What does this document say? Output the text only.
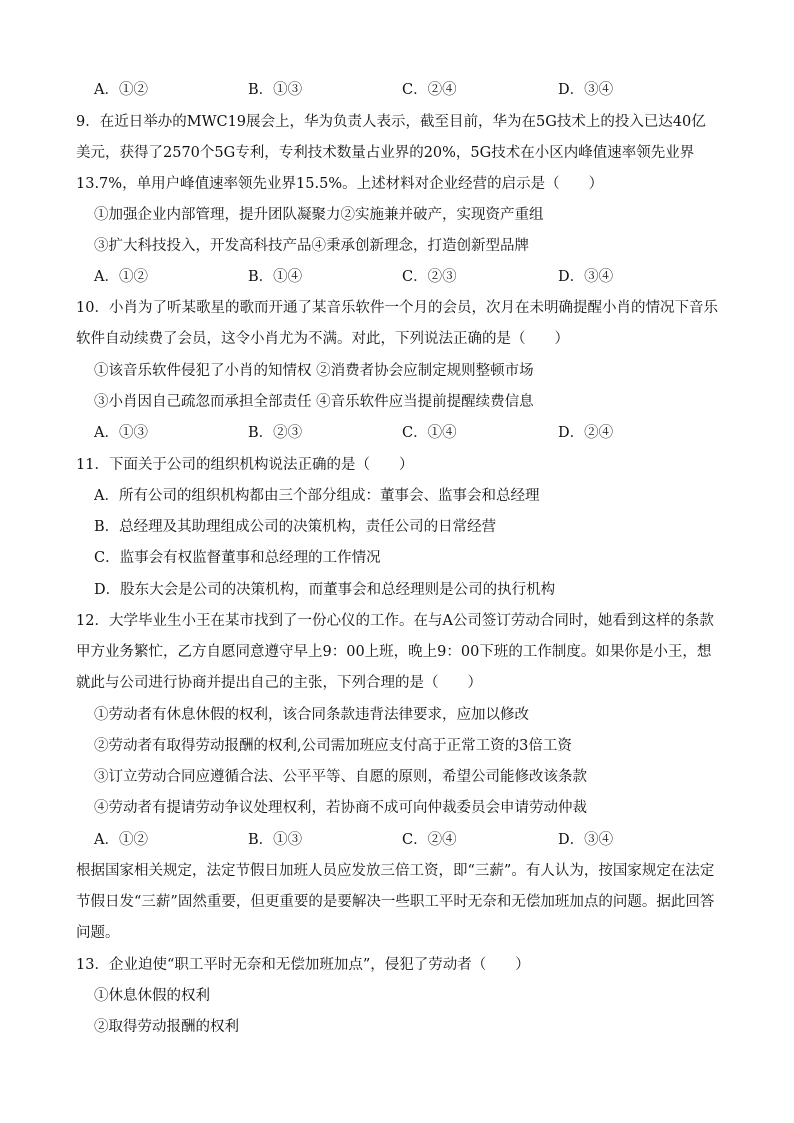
A．①②	B．①③	C．②④	D．③④
9．在近日举办的MWC19展会上，华为负责人表示，截至目前，华为在5G技术上的投入已达40亿
美元，获得了2570个5G专利，专利技术数量占业界的20%，5G技术在小区内峰值速率领先业界
13.7%，单用户峰值速率领先业界15.5%。上述材料对企业经营的启示是（　　）
①加强企业内部管理，提升团队凝聚力②实施兼并破产，实现资产重组
③扩大科技投入，开发高科技产品④秉承创新理念，打造创新型品牌
A．①②	B．①④	C．②③	D．③④
10．小肖为了听某歌星的歌而开通了某音乐软件一个月的会员，次月在未明确提醒小肖的情况下音乐
软件自动续费了会员，这令小肖尤为不满。对此，下列说法正确的是（　　）
①该音乐软件侵犯了小肖的知情权 ②消费者协会应制定规则整顿市场
③小肖因自己疏忽而承担全部责任 ④音乐软件应当提前提醒续费信息
A．①③	B．②③	C．①④	D．②④
11．下面关于公司的组织机构说法正确的是（　　）
A．所有公司的组织机构都由三个部分组成：董事会、监事会和总经理
B．总经理及其助理组成公司的决策机构，责任公司的日常经营
C．监事会有权监督董事和总经理的工作情况
D．股东大会是公司的决策机构，而董事会和总经理则是公司的执行机构
12．大学毕业生小王在某市找到了一份心仪的工作。在与A公司签订劳动合同时，她看到这样的条款
甲方业务繁忙，乙方自愿同意遵守早上9：00上班，晚上9：00下班的工作制度。如果你是小王，想
就此与公司进行协商并提出自己的主张，下列合理的是（　　）
①劳动者有休息休假的权利，该合同条款违背法律要求，应加以修改
②劳动者有取得劳动报酬的权利,公司需加班应支付高于正常工资的3倍工资
③订立劳动合同应遵循合法、公平平等、自愿的原则，希望公司能修改该条款
④劳动者有提请劳动争议处理权利，若协商不成可向仲裁委员会申请劳动仲裁
A．①②	B．①③	C．②④	D．③④
根据国家相关规定，法定节假日加班人员应发放三倍工资，即“三薪”。有人认为，按国家规定在法定
节假日发“三薪”固然重要，但更重要的是要解决一些职工平时无奈和无偿加班加点的问题。据此回答
问题。
13．企业迫使“职工平时无奈和无偿加班加点”，侵犯了劳动者（　　）
①休息休假的权利
②取得劳动报酬的权利
